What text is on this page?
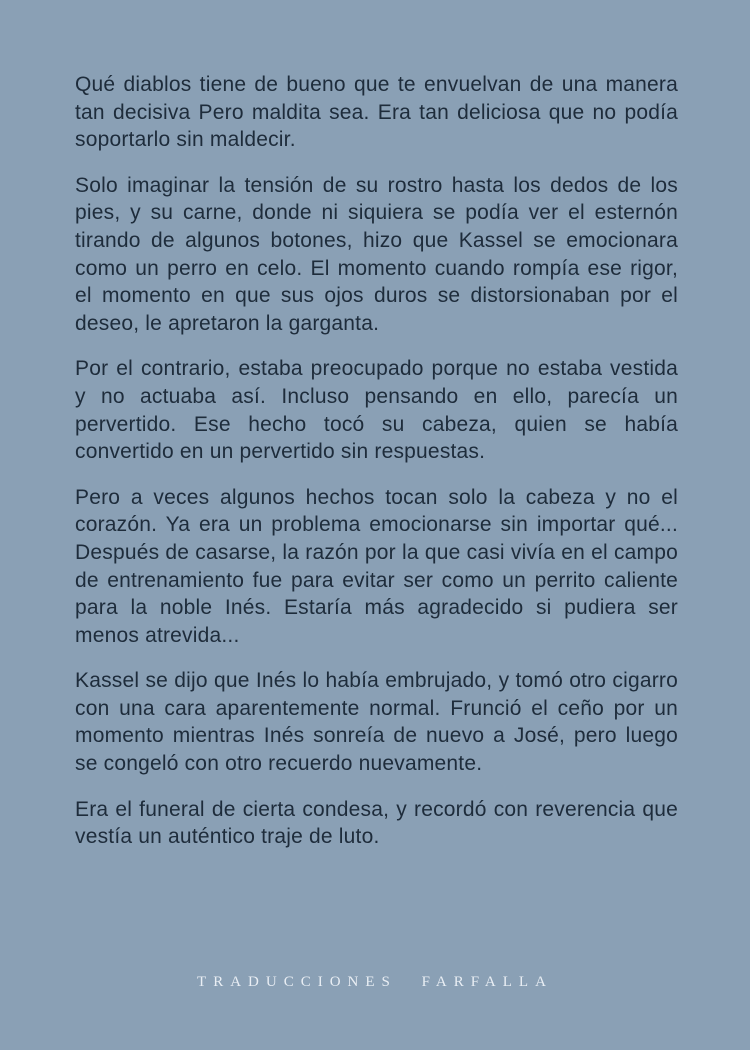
Qué diablos tiene de bueno que te envuelvan de una manera tan decisiva Pero maldita sea. Era tan deliciosa que no podía soportarlo sin maldecir.

Solo imaginar la tensión de su rostro hasta los dedos de los pies, y su carne, donde ni siquiera se podía ver el esternón tirando de algunos botones, hizo que Kassel se emocionara como un perro en celo. El momento cuando rompía ese rigor, el momento en que sus ojos duros se distorsionaban por el deseo, le apretaron la garganta.

Por el contrario, estaba preocupado porque no estaba vestida y no actuaba así. Incluso pensando en ello, parecía un pervertido. Ese hecho tocó su cabeza, quien se había convertido en un pervertido sin respuestas.

Pero a veces algunos hechos tocan solo la cabeza y no el corazón. Ya era un problema emocionarse sin importar qué... Después de casarse, la razón por la que casi vivía en el campo de entrenamiento fue para evitar ser como un perrito caliente para la noble Inés. Estaría más agradecido si pudiera ser menos atrevida...

Kassel se dijo que Inés lo había embrujado, y tomó otro cigarro con una cara aparentemente normal. Frunció el ceño por un momento mientras Inés sonreía de nuevo a José, pero luego se congeló con otro recuerdo nuevamente.

Era el funeral de cierta condesa, y recordó con reverencia que vestía un auténtico traje de luto.

TRADUCCIONES FARFALLA
